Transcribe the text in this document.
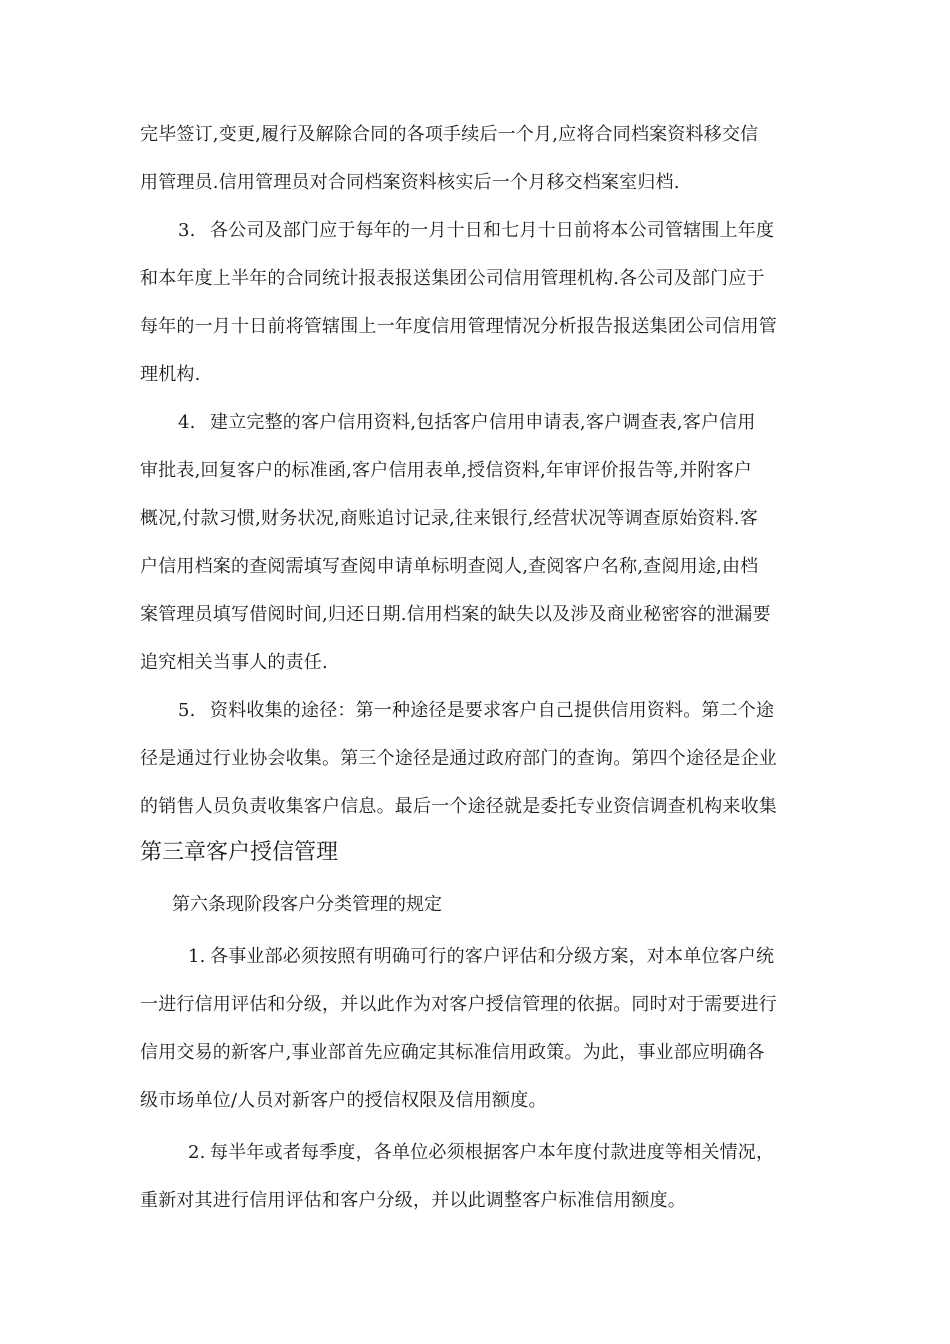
完毕签订,变更,履行及解除合同的各项手续后一个月,应将合同档案资料移交信
用管理员.信用管理员对合同档案资料核实后一个月移交档案室归档.
3. 各公司及部门应于每年的一月十日和七月十日前将本公司管辖围上年度
和本年度上半年的合同统计报表报送集团公司信用管理机构.各公司及部门应于
每年的一月十日前将管辖围上一年度信用管理情况分析报告报送集团公司信用管
理机构.
4. 建立完整的客户信用资料,包括客户信用申请表,客户调查表,客户信用
审批表,回复客户的标准函,客户信用表单,授信资料,年审评价报告等,并附客户
概况,付款习惯,财务状况,商账追讨记录,往来银行,经营状况等调查原始资料.客
户信用档案的查阅需填写查阅申请单标明查阅人,查阅客户名称,查阅用途,由档
案管理员填写借阅时间,归还日期.信用档案的缺失以及涉及商业秘密容的泄漏要
追究相关当事人的责任.
5. 资料收集的途径：第一种途径是要求客户自己提供信用资料。第二个途
径是通过行业协会收集。第三个途径是通过政府部门的查询。第四个途径是企业
的销售人员负责收集客户信息。最后一个途径就是委托专业资信调查机构来收集
第三章客户授信管理
第六条现阶段客户分类管理的规定
1. 各事业部必须按照有明确可行的客户评估和分级方案，对本单位客户统
一进行信用评估和分级，并以此作为对客户授信管理的依据。同时对于需要进行
信用交易的新客户,事业部首先应确定其标准信用政策。为此，事业部应明确各
级市场单位/人员对新客户的授信权限及信用额度。
2. 每半年或者每季度，各单位必须根据客户本年度付款进度等相关情况，
重新对其进行信用评估和客户分级，并以此调整客户标准信用额度。
